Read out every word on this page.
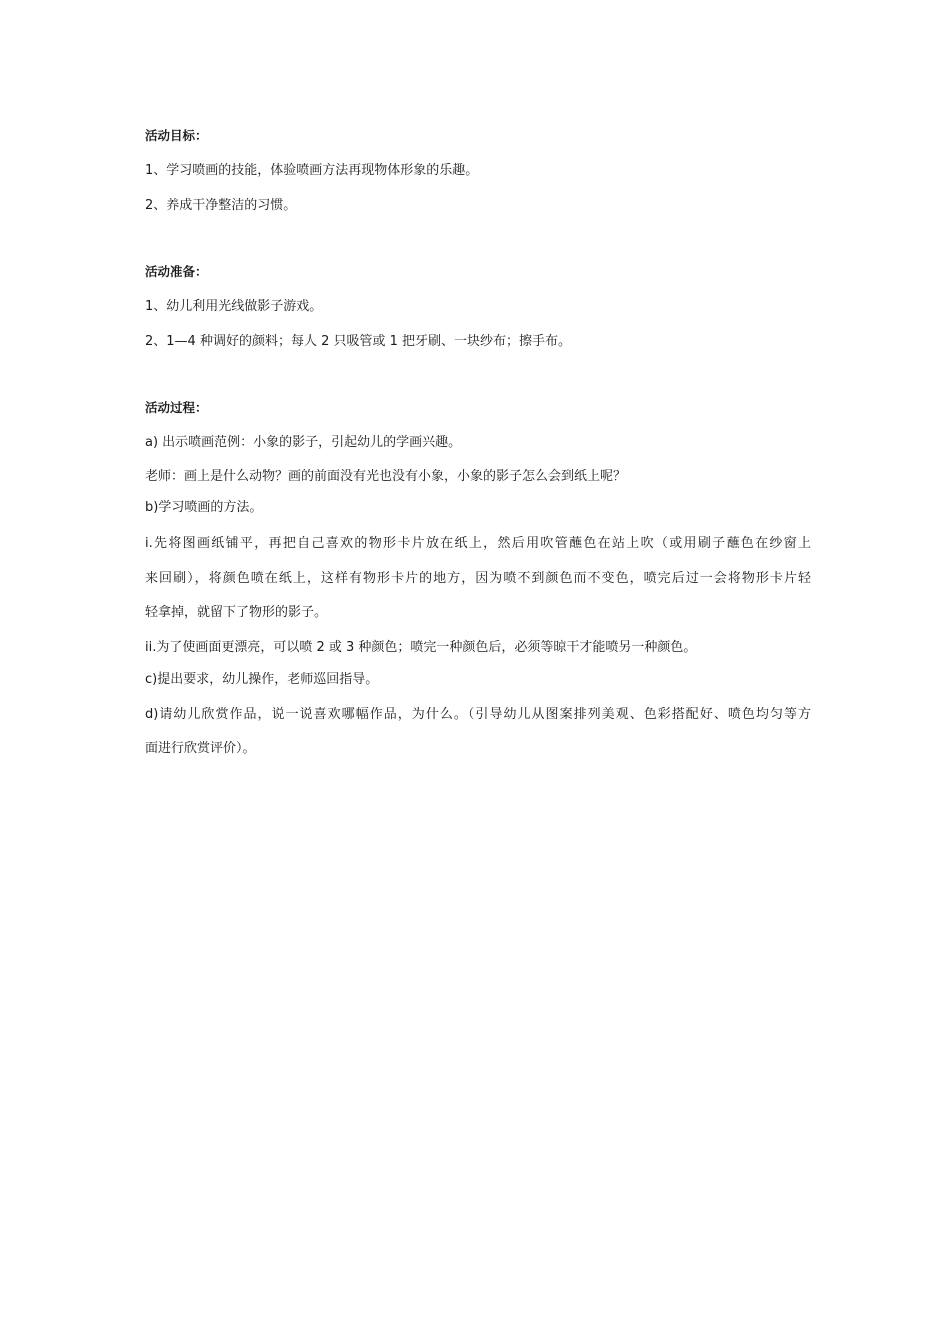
活动目标：
1、学习喷画的技能，体验喷画方法再现物体形象的乐趣。
2、养成干净整洁的习惯。
活动准备：
1、幼儿利用光线做影子游戏。
2、1—4 种调好的颜料；每人 2 只吸管或 1 把牙刷、一块纱布；擦手布。
活动过程：
a) 出示喷画范例：小象的影子，引起幼儿的学画兴趣。
老师：画上是什么动物？画的前面没有光也没有小象，小象的影子怎么会到纸上呢？
b)学习喷画的方法。
i.先将图画纸铺平，再把自己喜欢的物形卡片放在纸上，然后用吹管蘸色在站上吹（或用刷子蘸色在纱窗上
来回刷），将颜色喷在纸上，这样有物形卡片的地方，因为喷不到颜色而不变色，喷完后过一会将物形卡片轻
轻拿掉，就留下了物形的影子。
ii.为了使画面更漂亮，可以喷 2 或 3 种颜色；喷完一种颜色后，必须等晾干才能喷另一种颜色。
c)提出要求，幼儿操作，老师巡回指导。
d)请幼儿欣赏作品，说一说喜欢哪幅作品，为什么。（引导幼儿从图案排列美观、色彩搭配好、喷色均匀等方
面进行欣赏评价）。
